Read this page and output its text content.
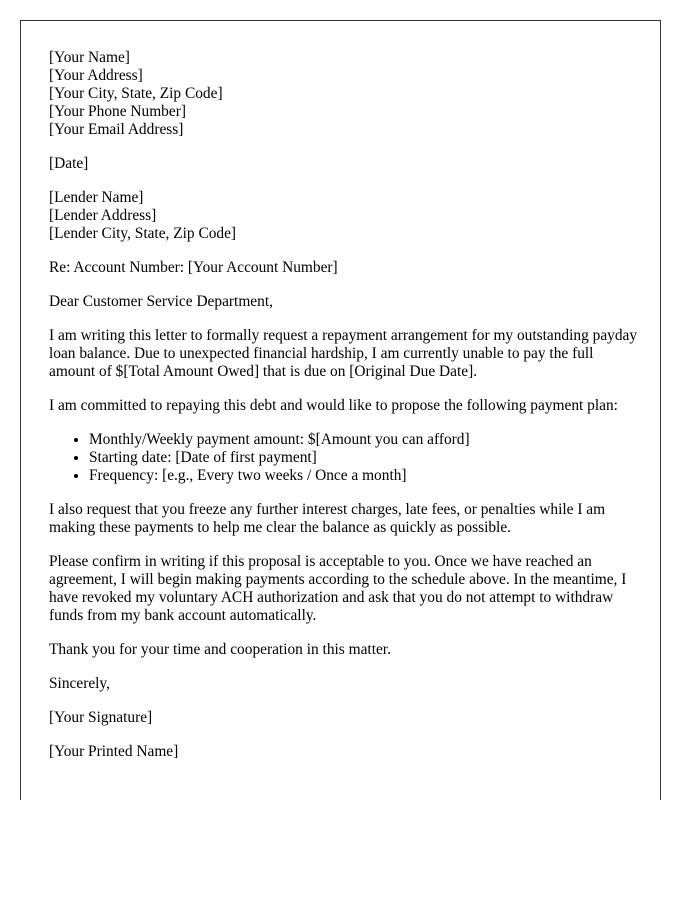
[Your Name]
[Your Address]
[Your City, State, Zip Code]
[Your Phone Number]
[Your Email Address]

[Date]

[Lender Name]
[Lender Address]
[Lender City, State, Zip Code]

Re: Account Number: [Your Account Number]

Dear Customer Service Department,

I am writing this letter to formally request a repayment arrangement for my outstanding payday loan balance. Due to unexpected financial hardship, I am currently unable to pay the full amount of $[Total Amount Owed] that is due on [Original Due Date].

I am committed to repaying this debt and would like to propose the following payment plan:

• Monthly/Weekly payment amount: $[Amount you can afford]
• Starting date: [Date of first payment]
• Frequency: [e.g., Every two weeks / Once a month]

I also request that you freeze any further interest charges, late fees, or penalties while I am making these payments to help me clear the balance as quickly as possible.

Please confirm in writing if this proposal is acceptable to you. Once we have reached an agreement, I will begin making payments according to the schedule above. In the meantime, I have revoked my voluntary ACH authorization and ask that you do not attempt to withdraw funds from my bank account automatically.

Thank you for your time and cooperation in this matter.

Sincerely,

[Your Signature]

[Your Printed Name]
